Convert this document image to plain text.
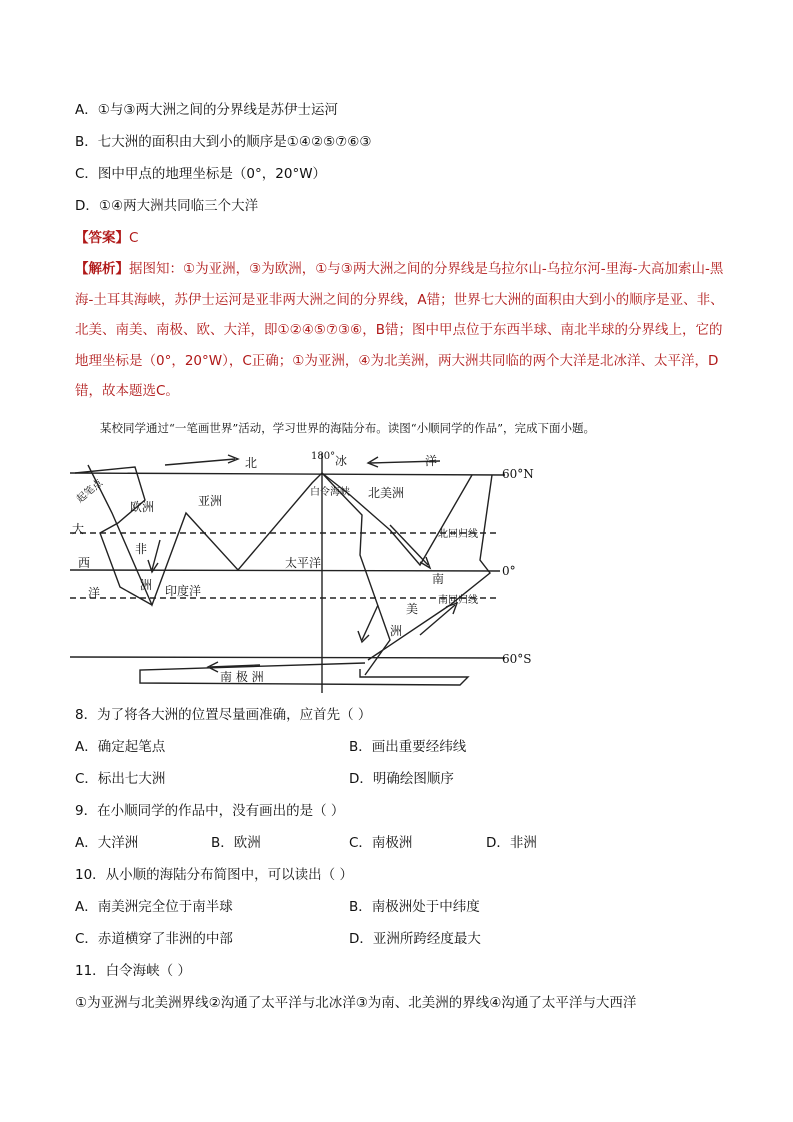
A．①与③两大洲之间的分界线是苏伊士运河
B．七大洲的面积由大到小的顺序是①④②⑤⑦⑥③
C．图中甲点的地理坐标是（0°，20°W）
D．①④两大洲共同临三个大洋
【答案】C
【解析】据图知：①为亚洲，③为欧洲，①与③两大洲之间的分界线是乌拉尔山-乌拉尔河-里海-大高加索山-黑海-土耳其海峡，苏伊士运河是亚非两大洲之间的分界线，A错；世界七大洲的面积由大到小的顺序是亚、非、北美、南美、南极、欧、大洋，即①②④⑤⑦③⑥，B错；图中甲点位于东西半球、南北半球的分界线上，它的地理坐标是（0°，20°W），C正确；①为亚洲，④为北美洲，两大洲共同临的两个大洋是北冰洋、太平洋，D错，故本题选C。
某校同学通过“一笔画世界”活动，学习世界的海陆分布。读图“小顺同学的作品”，完成下面小题。
60°N
0°
60°S
180°
北回归线
南回归线
起笔点
欧洲	亚洲
白令海峡 北美洲
非
洲 印度洋
太平洋
南
美
洲
北	冰	洋
大
西
洋
南 极 洲
8．为了将各大洲的位置尽量画准确，应首先（ ）
A．确定起笔点	B．画出重要经纬线
C．标出七大洲	D．明确绘图顺序
9．在小顺同学的作品中，没有画出的是（ ）
A．大洋洲	B．欧洲	C．南极洲	D．非洲
10．从小顺的海陆分布简图中，可以读出（ ）
A．南美洲完全位于南半球	B．南极洲处于中纬度
C．赤道横穿了非洲的中部	D．亚洲所跨经度最大
11．白令海峡（ ）
①为亚洲与北美洲界线②沟通了太平洋与北冰洋③为南、北美洲的界线④沟通了太平洋与大西洋
